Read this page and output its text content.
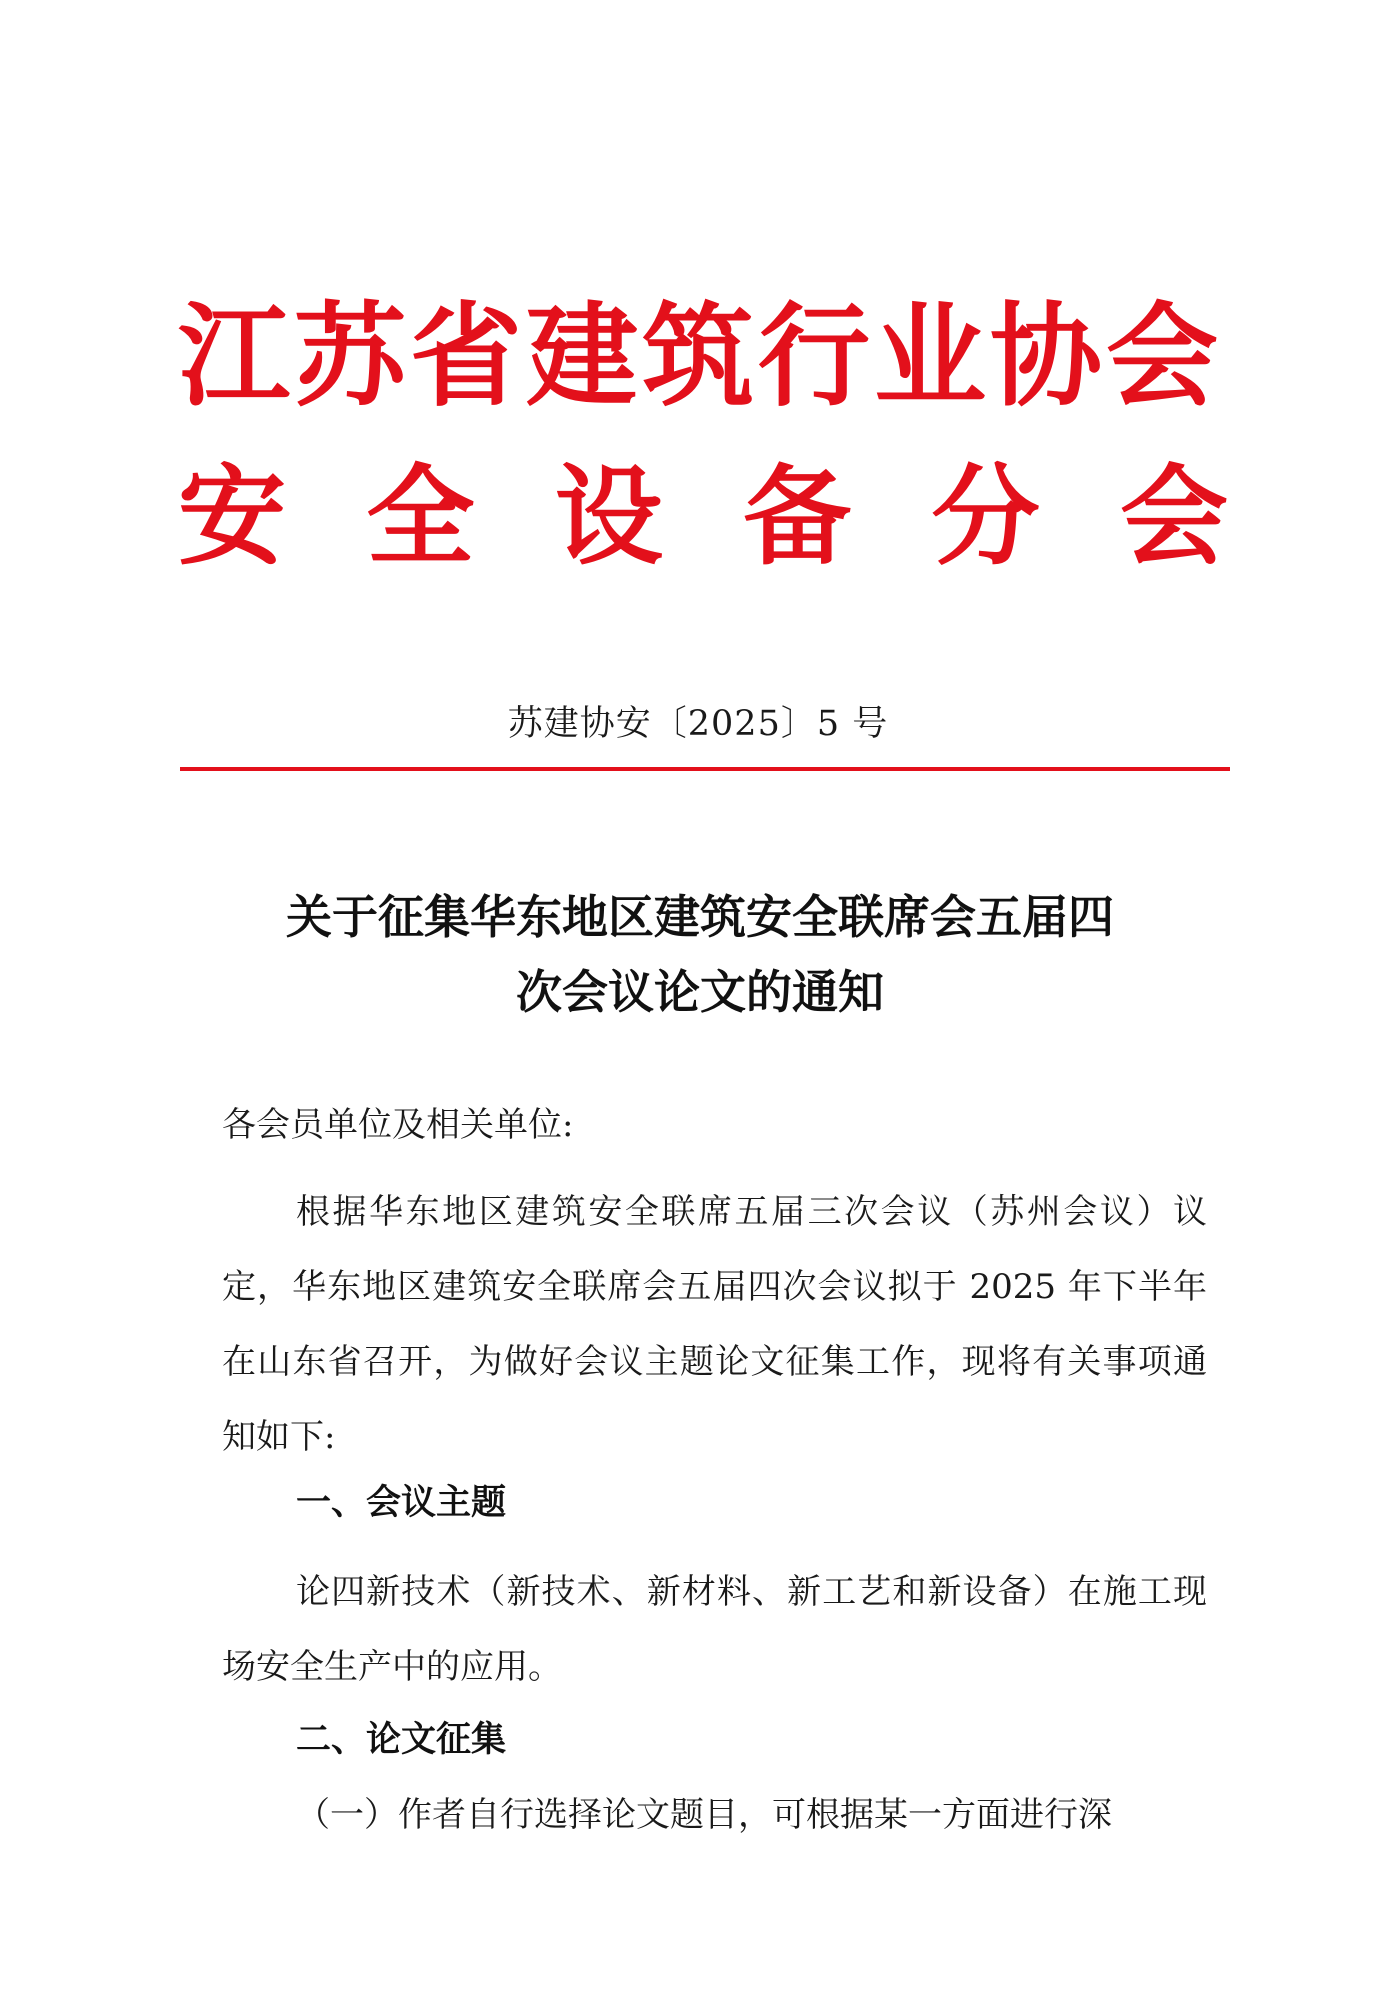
江苏省建筑行业协会
安 全 设 备 分 会
苏建协安〔2025〕5 号
关于征集华东地区建筑安全联席会五届四
次会议论文的通知
各会员单位及相关单位:
根据华东地区建筑安全联席五届三次会议（苏州会议）议定，华东地区建筑安全联席会五届四次会议拟于 2025 年下半年在山东省召开，为做好会议主题论文征集工作，现将有关事项通知如下:
一、会议主题
论四新技术（新技术、新材料、新工艺和新设备）在施工现场安全生产中的应用。
二、论文征集
（一）作者自行选择论文题目，可根据某一方面进行深
